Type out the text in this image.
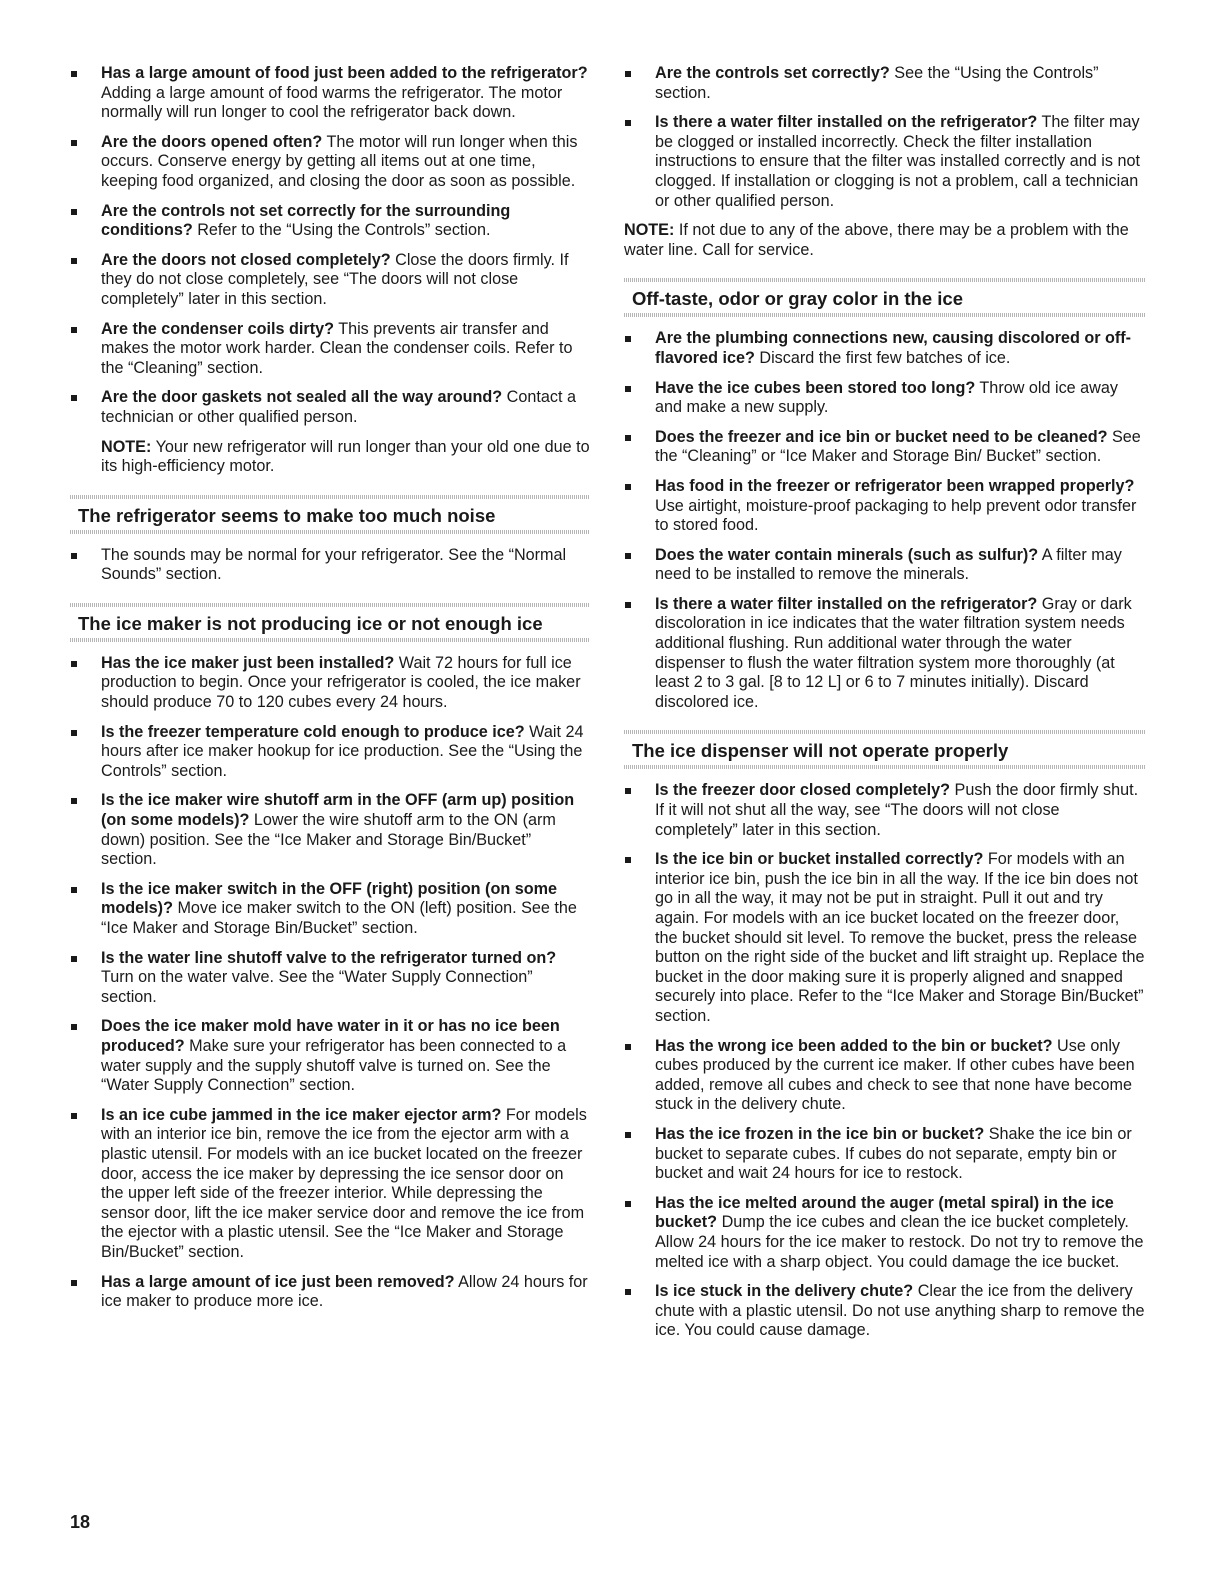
Has a large amount of food just been added to the refrigerator? Adding a large amount of food warms the refrigerator. The motor normally will run longer to cool the refrigerator back down.
Are the doors opened often? The motor will run longer when this occurs. Conserve energy by getting all items out at one time, keeping food organized, and closing the door as soon as possible.
Are the controls not set correctly for the surrounding conditions? Refer to the “Using the Controls” section.
Are the doors not closed completely? Close the doors firmly. If they do not close completely, see “The doors will not close completely” later in this section.
Are the condenser coils dirty? This prevents air transfer and makes the motor work harder. Clean the condenser coils. Refer to the “Cleaning” section.
Are the door gaskets not sealed all the way around? Contact a technician or other qualified person.
NOTE: Your new refrigerator will run longer than your old one due to its high-efficiency motor.
The refrigerator seems to make too much noise
The sounds may be normal for your refrigerator. See the “Normal Sounds” section.
The ice maker is not producing ice or not enough ice
Has the ice maker just been installed? Wait 72 hours for full ice production to begin. Once your refrigerator is cooled, the ice maker should produce 70 to 120 cubes every 24 hours.
Is the freezer temperature cold enough to produce ice? Wait 24 hours after ice maker hookup for ice production. See the “Using the Controls” section.
Is the ice maker wire shutoff arm in the OFF (arm up) position (on some models)? Lower the wire shutoff arm to the ON (arm down) position. See the “Ice Maker and Storage Bin/Bucket” section.
Is the ice maker switch in the OFF (right) position (on some models)? Move ice maker switch to the ON (left) position. See the “Ice Maker and Storage Bin/Bucket” section.
Is the water line shutoff valve to the refrigerator turned on? Turn on the water valve. See the “Water Supply Connection” section.
Does the ice maker mold have water in it or has no ice been produced? Make sure your refrigerator has been connected to a water supply and the supply shutoff valve is turned on. See the “Water Supply Connection” section.
Is an ice cube jammed in the ice maker ejector arm? For models with an interior ice bin, remove the ice from the ejector arm with a plastic utensil. For models with an ice bucket located on the freezer door, access the ice maker by depressing the ice sensor door on the upper left side of the freezer interior. While depressing the sensor door, lift the ice maker service door and remove the ice from the ejector with a plastic utensil. See the “Ice Maker and Storage Bin/Bucket” section.
Has a large amount of ice just been removed? Allow 24 hours for ice maker to produce more ice.
Are the controls set correctly? See the “Using the Controls” section.
Is there a water filter installed on the refrigerator? The filter may be clogged or installed incorrectly. Check the filter installation instructions to ensure that the filter was installed correctly and is not clogged. If installation or clogging is not a problem, call a technician or other qualified person.
NOTE: If not due to any of the above, there may be a problem with the water line. Call for service.
Off-taste, odor or gray color in the ice
Are the plumbing connections new, causing discolored or off-flavored ice? Discard the first few batches of ice.
Have the ice cubes been stored too long? Throw old ice away and make a new supply.
Does the freezer and ice bin or bucket need to be cleaned? See the “Cleaning” or “Ice Maker and Storage Bin/ Bucket” section.
Has food in the freezer or refrigerator been wrapped properly? Use airtight, moisture-proof packaging to help prevent odor transfer to stored food.
Does the water contain minerals (such as sulfur)? A filter may need to be installed to remove the minerals.
Is there a water filter installed on the refrigerator? Gray or dark discoloration in ice indicates that the water filtration system needs additional flushing. Run additional water through the water dispenser to flush the water filtration system more thoroughly (at least 2 to 3 gal. [8 to 12 L] or 6 to 7 minutes initially). Discard discolored ice.
The ice dispenser will not operate properly
Is the freezer door closed completely? Push the door firmly shut. If it will not shut all the way, see “The doors will not close completely” later in this section.
Is the ice bin or bucket installed correctly? For models with an interior ice bin, push the ice bin in all the way. If the ice bin does not go in all the way, it may not be put in straight. Pull it out and try again. For models with an ice bucket located on the freezer door, the bucket should sit level. To remove the bucket, press the release button on the right side of the bucket and lift straight up. Replace the bucket in the door making sure it is properly aligned and snapped securely into place. Refer to the “Ice Maker and Storage Bin/Bucket” section.
Has the wrong ice been added to the bin or bucket? Use only cubes produced by the current ice maker. If other cubes have been added, remove all cubes and check to see that none have become stuck in the delivery chute.
Has the ice frozen in the ice bin or bucket? Shake the ice bin or bucket to separate cubes. If cubes do not separate, empty bin or bucket and wait 24 hours for ice to restock.
Has the ice melted around the auger (metal spiral) in the ice bucket? Dump the ice cubes and clean the ice bucket completely. Allow 24 hours for the ice maker to restock. Do not try to remove the melted ice with a sharp object. You could damage the ice bucket.
Is ice stuck in the delivery chute? Clear the ice from the delivery chute with a plastic utensil. Do not use anything sharp to remove the ice. You could cause damage.
18
